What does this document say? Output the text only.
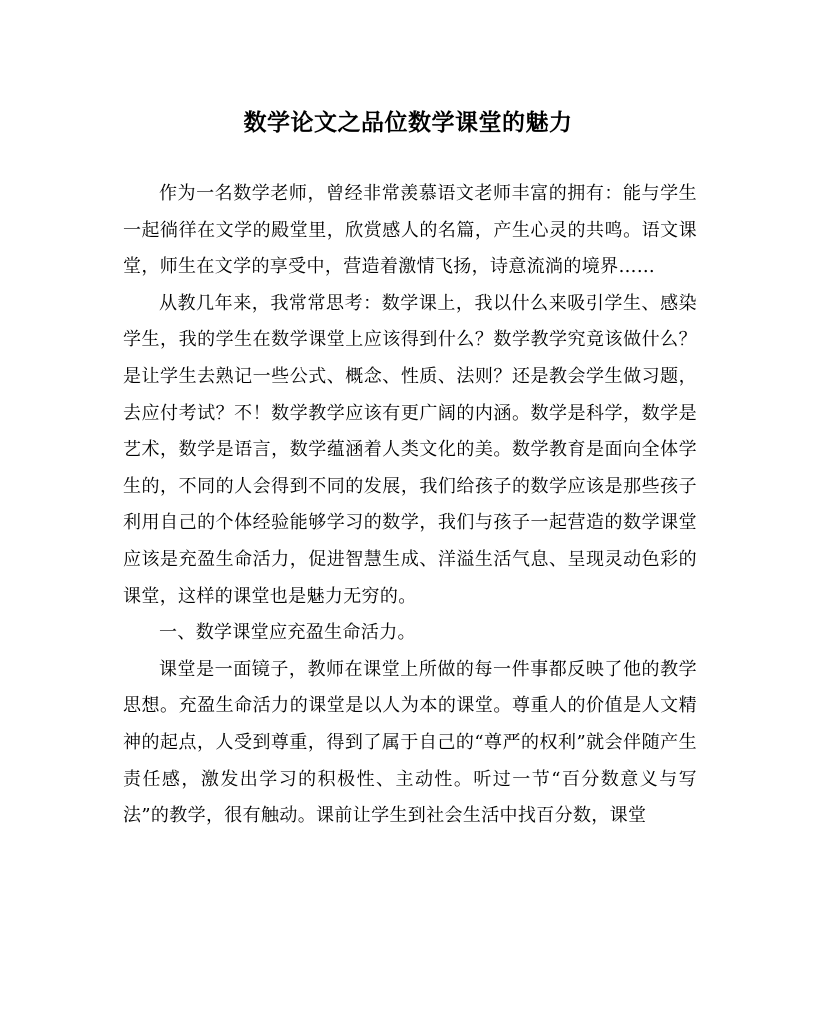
数学论文之品位数学课堂的魅力

作为一名数学老师，曾经非常羡慕语文老师丰富的拥有：能与学生一起徜徉在文学的殿堂里，欣赏感人的名篇，产生心灵的共鸣。语文课堂，师生在文学的享受中，营造着激情飞扬，诗意流淌的境界……

从教几年来，我常常思考：数学课上，我以什么来吸引学生、感染学生，我的学生在数学课堂上应该得到什么？数学教学究竟该做什么？是让学生去熟记一些公式、概念、性质、法则？还是教会学生做习题，去应付考试？不！数学教学应该有更广阔的内涵。数学是科学，数学是艺术，数学是语言，数学蕴涵着人类文化的美。数学教育是面向全体学生的，不同的人会得到不同的发展，我们给孩子的数学应该是那些孩子利用自己的个体经验能够学习的数学，我们与孩子一起营造的数学课堂应该是充盈生命活力，促进智慧生成、洋溢生活气息、呈现灵动色彩的课堂，这样的课堂也是魅力无穷的。

一、数学课堂应充盈生命活力。

课堂是一面镜子，教师在课堂上所做的每一件事都反映了他的教学思想。充盈生命活力的课堂是以人为本的课堂。尊重人的价值是人文精神的起点，人受到尊重，得到了属于自己的“尊严的权利”就会伴随产生责任感，激发出学习的积极性、主动性。听过一节“百分数意义与写法”的教学，很有触动。课前让学生到社会生活中找百分数，课堂
